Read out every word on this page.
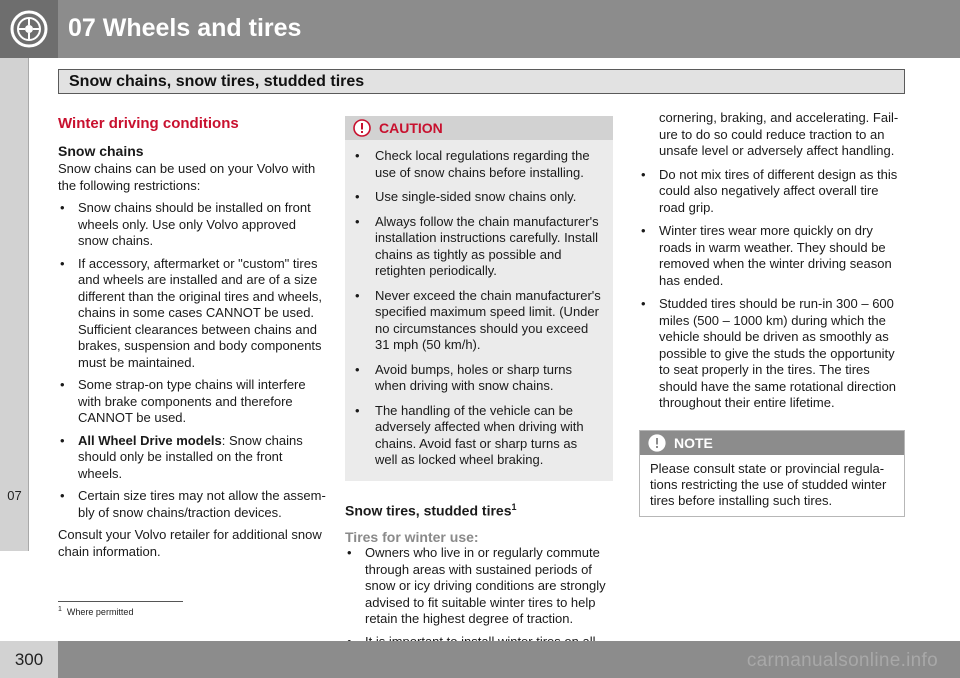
07 Wheels and tires
Snow chains, snow tires, studded tires
07
Winter driving conditions
Snow chains
Snow chains can be used on your Volvo with the following restrictions:
• Snow chains should be installed on front wheels only. Use only Volvo approved snow chains.
• If accessory, aftermarket or "custom" tires and wheels are installed and are of a size different than the original tires and wheels, chains in some cases CANNOT be used. Sufficient clearances between chains and brakes, suspension and body components must be maintained.
• Some strap-on type chains will interfere with brake components and therefore CANNOT be used.
• All Wheel Drive models: Snow chains should only be installed on the front wheels.
• Certain size tires may not allow the assem-bly of snow chains/traction devices.
Consult your Volvo retailer for additional snow chain information.
CAUTION
• Check local regulations regarding the use of snow chains before installing.
• Use single-sided snow chains only.
• Always follow the chain manufacturer's installation instructions carefully. Install chains as tightly as possible and retighten periodically.
• Never exceed the chain manufacturer's specified maximum speed limit. (Under no circumstances should you exceed 31 mph (50 km/h).
• Avoid bumps, holes or sharp turns when driving with snow chains.
• The handling of the vehicle can be adversely affected when driving with chains. Avoid fast or sharp turns as well as locked wheel braking.
Snow tires, studded tires$^1$
Tires for winter use:
• Owners who live in or regularly commute through areas with sustained periods of snow or icy driving conditions are strongly advised to fit suitable winter tires to help retain the highest degree of traction.
•
cornering, braking, and accelerating. Fail-ure to do so could reduce traction to an unsafe level or adversely affect handling.
• Do not mix tires of different design as this could also negatively affect overall tire road grip.
• Winter tires wear more quickly on dry roads in warm weather. They should be removed when the winter driving season has ended.
• Studded tires should be run-in 300 – 600 miles (500 – 1000 km) during which the vehicle should be driven as smoothly as possible to give the studs the opportunity to seat properly in the tires. The tires should have the same rotational direction throughout their entire lifetime.
NOTE
Please consult state or provincial regula-tions restricting the use of studded winter tires before installing such tires.
$^1$ Where permitted
300	carmanualsonline.info
